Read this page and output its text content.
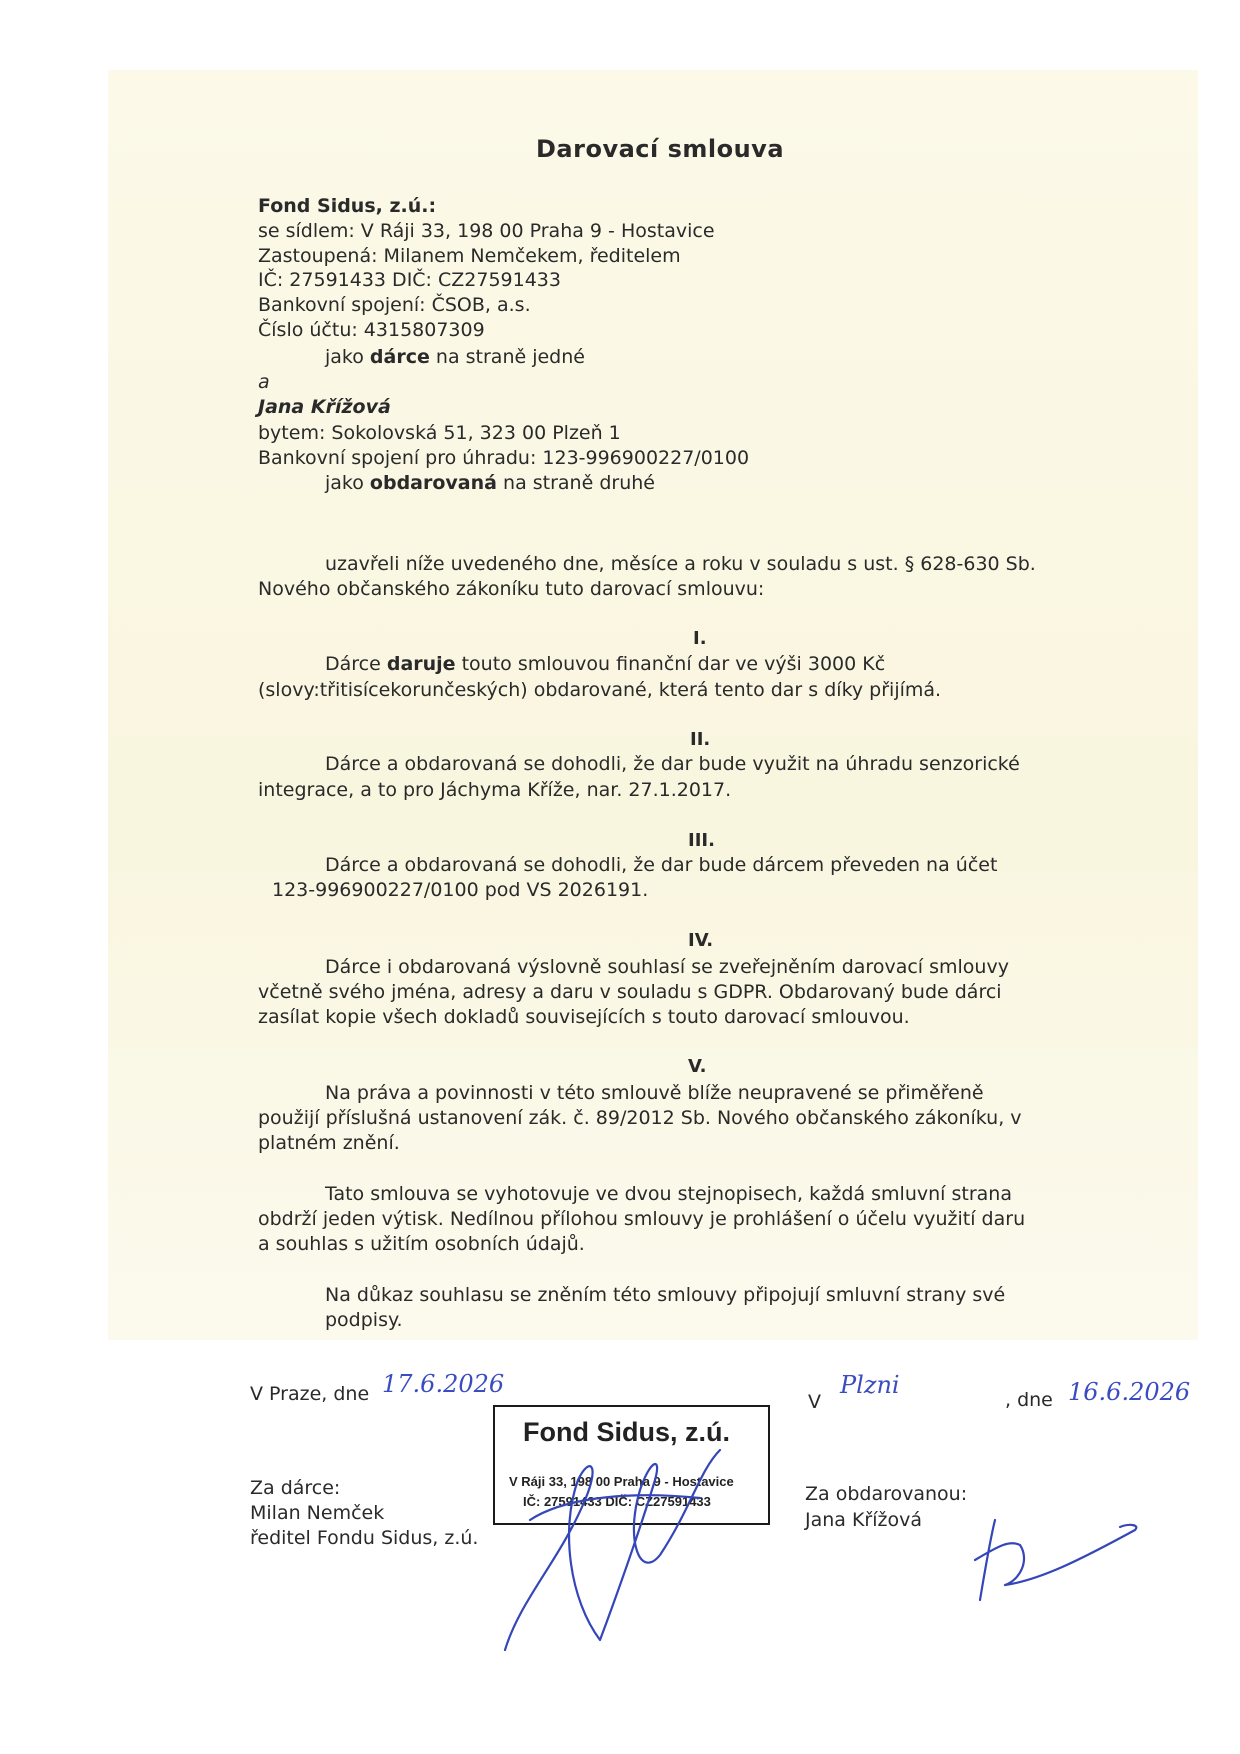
Darovací smlouva
Fond Sidus, z.ú.:
se sídlem: V Ráji 33, 198 00 Praha 9 - Hostavice
Zastoupená: Milanem Nemčekem, ředitelem
IČ: 27591433 DIČ: CZ27591433
Bankovní spojení: ČSOB, a.s.
Číslo účtu: 4315807309
jako dárce na straně jedné
a
Jana Křížová
bytem: Sokolovská 51, 323 00 Plzeň 1
Bankovní spojení pro úhradu: 123-996900227/0100
jako obdarovaná na straně druhé
uzavřeli níže uvedeného dne, měsíce a roku v souladu s ust. § 628-630 Sb.
Nového občanského zákoníku tuto darovací smlouvu:
I.
Dárce daruje touto smlouvou finanční dar ve výši 3000 Kč
(slovy:třitisícekorunčeských) obdarované, která tento dar s díky přijímá.
II.
Dárce a obdarovaná se dohodli, že dar bude využit na úhradu senzorické
integrace, a to pro Jáchyma Kříže, nar. 27.1.2017.
III.
Dárce a obdarovaná se dohodli, že dar bude dárcem převeden na účet
123-996900227/0100 pod VS 2026191.
IV.
Dárce i obdarovaná výslovně souhlasí se zveřejněním darovací smlouvy
včetně svého jména, adresy a daru v souladu s GDPR. Obdarovaný bude dárci
zasílat kopie všech dokladů souvisejících s touto darovací smlouvou.
V.
Na práva a povinnosti v této smlouvě blíže neupravené se přiměřeně
použijí příslušná ustanovení zák. č. 89/2012 Sb. Nového občanského zákoníku, v
platném znění.
Tato smlouva se vyhotovuje ve dvou stejnopisech, každá smluvní strana
obdrží jeden výtisk. Nedílnou přílohou smlouvy je prohlášení o účelu využití daru
a souhlas s užitím osobních údajů.
Na důkaz souhlasu se zněním této smlouvy připojují smluvní strany své
podpisy.
V Praze, dne 17.6.2026
V
Plzni
, dne 16.6.2026
Fond Sidus, z.ú.
V Ráji 33, 198 00 Praha 9 - Hostavice
IČ: 27591433 DIČ: CZ27591433
Za dárce:
Milan Nemček
ředitel Fondu Sidus, z.ú.
Za obdarovanou:
Jana Křížová
